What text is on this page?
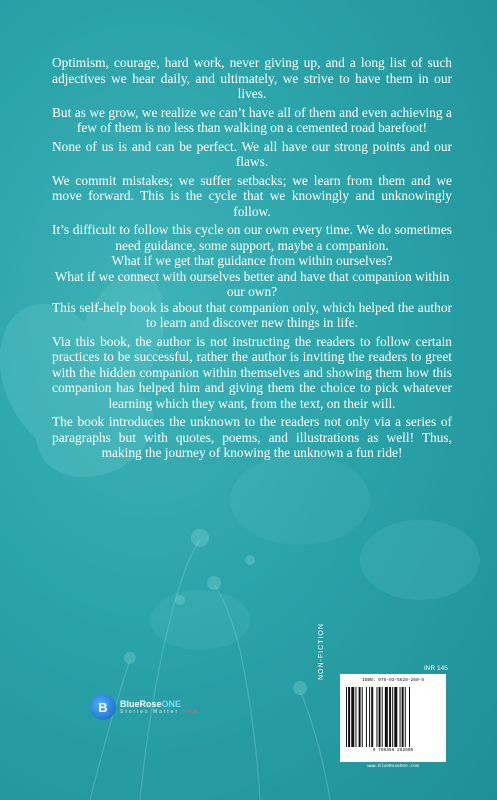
Optimism, courage, hard work, never giving up, and a long list of such adjectives we hear daily, and ultimately, we strive to have them in our lives.

But as we grow, we realize we can’t have all of them and even achieving a few of them is no less than walking on a cemented road barefoot!

None of us is and can be perfect. We all have our strong points and our flaws.

We commit mistakes; we suffer setbacks; we learn from them and we move forward. This is the cycle that we knowingly and unknowingly follow.

It’s difficult to follow this cycle on our own every time. We do sometimes need guidance, some support, maybe a companion.

What if we get that guidance from within ourselves?

What if we connect with ourselves better and have that companion within our own?

This self-help book is about that companion only, which helped the author to learn and discover new things in life.

Via this book, the author is not instructing the readers to follow certain practices to be successful, rather the author is inviting the readers to greet with the hidden companion within themselves and showing them how this companion has helped him and giving them the choice to pick whatever learning which they want, from the text, on their will.

The book introduces the unknown to the readers not only via a series of paragraphs but with quotes, poems, and illustrations as well! Thus, making the journey of knowing the unknown a fun ride!

B	BlueRoseONE
Stories Matter Now
NON-FICTION	INR 145
ISBN: 978-93-5628-260-5
9 789356 282605
www.BlueRoseOne.com
